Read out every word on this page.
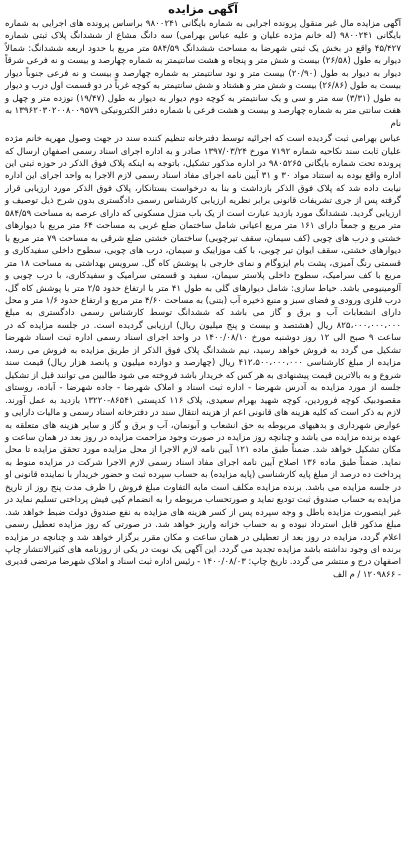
آگهی مزایده

آگهی مزایده مال غیر منقول پرونده اجرایی به شماره بایگانی ۹۸۰۰۲۴۱ براساس پرونده های اجرایی به شماره بایگانی ۹۸۰۰۲۴۱ (له خانم مژده علیان و علیه عباس بهرامی) سه دانگ مشاع از ششدانگ پلاک ثبتی شماره ۴۵/۴۲۷ واقع در بخش یک ثبتی شهرضا به مساحت ششدانگ ۵۸۴/۵۹ متر مربع با حدود اربعه ششدانگ: شمالاً دیوار به طول (۲۶/۵۸) بیست و شش متر و پنجاه و هشت سانتیمتر به شماره چهارصد و بیست و نه فرعی شرقاً دیوار به دیوار به طول (۲۰/۹۰) بیست متر و نود سانتیمتر به شماره چهارصد و بیست و نه فرعی جنوباً دیوار بیست به طول (۲۶/۸۶) بیست و شش متر و هشتاد و شش سانتیمتر به کوچه غرباً در دو قسمت اول درب و دیوار به طول (۳/۳۱) سه متر و سی و یک سانتیمتر به کوچه دوم دیوار به دیوار به طول (۱۹/۴۷) نوزده متر و چهل و هفت سانتی متر به شماره چهارصد و بیست و هشت فرعی با شماره دفتر الکترونیکی ۱۳۹۶۲۰۳۰۲۰۰۸۰۰۹۵۷۹ به نام

عباس بهرامی ثبت گردیده است که اجرائیه توسط دفترخانه تنظیم کننده سند در جهت وصول مهریه خانم مژده علیان ثابت سند نکاحیه شماره ۷۱۹۲ مورخ ۱۳۹۷/۰۳/۲۴ صادر و به اداره اجرای اسناد رسمی اصفهان ارسال که پرونده تحت شماره بایگانی ۹۸۰۵۲۶۵ در اداره مذکور تشکیل، باتوجه به اینکه پلاک فوق الذکر در حوزه ثبتی این اداره واقع بوده به استناد مواد ۳۰ و ۳۱ آیین نامه اجرای مفاد اسناد رسمی لازم الاجرا به واحد اجرای این اداره نیابت داده شد که پلاک فوق الذکر بازداشت و بنا به درخواست بستانکار، پلاک فوق الذکر مورد ارزیابی قرار گرفته پس از جری تشریفات قانونی برابر نظریه ارزیابی کارشناس رسمی دادگستری بدون شرح ذیل توصیف و ارزیابی گردید. ششدانگ مورد بازدید عبارت است از یک باب منزل مسکونی که دارای عرصه به مساحت ۵۸۴/۵۹ متر مربع و جمعاً دارای ۱۶۱ متر مربع اعیانی شامل ساختمان ضلع غربی به مساحت ۶۴ متر مربع با دیوارهای خشتی و درب های چوبی (کف سیمان، سقف تیرچوبی) ساختمان خشتی ضلع شرقی به مساحت ۷۹ متر مربع با دیوارهای خشتی، سقف ایوان تیر چوبی، با کف موزاییک و سیمان، درب های چوبی، سطوح داخلی سفیدکاری و قسمتی رنگ آمیزی، پشت بام ایزوگام و نمای خارجی با پوشش کاه گل. سرویس بهداشتی به مساحت ۱۸ متر مربع با کف سرامیک، سطوح داخلی پلاستر سیمان، سفید و قسمتی سرامیک و سفیدکاری، با درب چوبی و آلومینیومی باشد. حیاط سازی: شامل دیوارهای گلی به طول ۴۱ متر با ارتفاع حدود ۲/۵ متر با پوشش کاه گل، درب فلزی ورودی و فضای سبز و منبع ذخیره آب (بتنی) به مساحت ۴/۶۰ متر مربع و ارتفاع حدود ۱/۶ متر و محل دارای انشعابات آب و برق و گاز می باشد که ششدانگ توسط کارشناس رسمی دادگستری به مبلغ ۸۲۵،۰۰۰،۰۰۰،۰۰۰ ریال (هشتصد و بیست و پنج میلیون ریال) ارزیابی گردیده است. در جلسه مزایده که در ساعت ۹ صبح الی ۱۲ روز دوشنبه مورخ ۱۴۰۰/۰۸/۱۰ در واحد اجرای اسناد رسمی اداره ثبت اسناد شهرضا تشکیل می گردد به فروش خواهد رسید، نیم ششدانگ پلاک فوق الذکر از طریق مزایده به فروش می رسد، مزایده از مبلغ کارشناسی ۴۱۲،۵۰۰،۰۰۰،۰۰۰ ریال (چهارصد و دوازده میلیون و پانصد هزار ریال) قیمت سند شروع و به بالاترین قیمت پیشنهادی به هر کس که خریدار باشد فروخته می شود طالبین می توانند قبل از تشکیل جلسه از مورد مزایده به آدرس شهرضا - اداره ثبت اسناد و املاک شهرضا - جاده شهرضا - آباده، روستای مقصودبیک کوچه فروردین، کوچه شهید بهرام سعیدی، پلاک ۱۱۶ کدپستی ۸۶۵۴۱-۱۳۲۲۰ بازدید به عمل آورند. لازم به ذکر است که کلیه هزینه های قانونی اعم از هزینه انتقال سند در دفترخانه اسناد رسمی و مالیات دارایی و عوارض شهرداری و بدهیهای مربوطه به حق انشعاب و آبونمان، آب و برق و گاز و سایر هزینه های متعلقه به عهده برنده مزایده می باشد و چنانچه روز مزایده در صورت وجود مزاحمت مزایده در روز بعد در همان ساعت و مکان تشکیل خواهد شد. ضمناً طبق ماده ۱۲۱ آیین نامه لازم الاجرا از محل مزایده مورد تحقق مزایده تا محل نماید. ضمناً طبق ماده ۱۳۶ اصلاح آیین نامه اجرای مفاد اسناد رسمی لازم الاجرا شرکت در مزایده منوط به پرداخت ده درصد از مبلغ پایه کارشناسی (پایه مزایده) به حساب سپرده ثبت و حضور خریدار با نماینده قانونی او در جلسه مزایده می باشد. برنده مزایده مکلف است مابه التفاوت مبلغ فروش را ظرف مدت پنج روز از تاریخ مزایده به حساب صندوق ثبت تودیع نماید و صورتحساب مربوطه را به انضمام کپی فیش پرداختی تسلیم نماید در غیر اینصورت مزایده باطل و وجه سپرده پس از کسر هزینه های مزایده به نفع صندوق دولت ضبط خواهد شد. مبلغ مذکور قابل استرداد نبوده و به حساب خزانه واریز خواهد شد. در صورتی که روز مزایده تعطیل رسمی اعلام گردد، مزایده در روز بعد از تعطیلی در همان ساعت و مکان مقرر برگزار خواهد شد و چنانچه در مزایده برنده ای وجود نداشته باشد مزایده تجدید می گردد. این آگهی یک نوبت در یکی از روزنامه های کثیرالانتشار چاپ اصفهان درج و منتشر می گردد. تاریخ چاپ: ۱۴۰۰/۰۸/۰۳ - رئیس اداره ثبت اسناد و املاک شهرضا مرتضی قدیری - ۱۲۰۹۸۶۶ / م الف
